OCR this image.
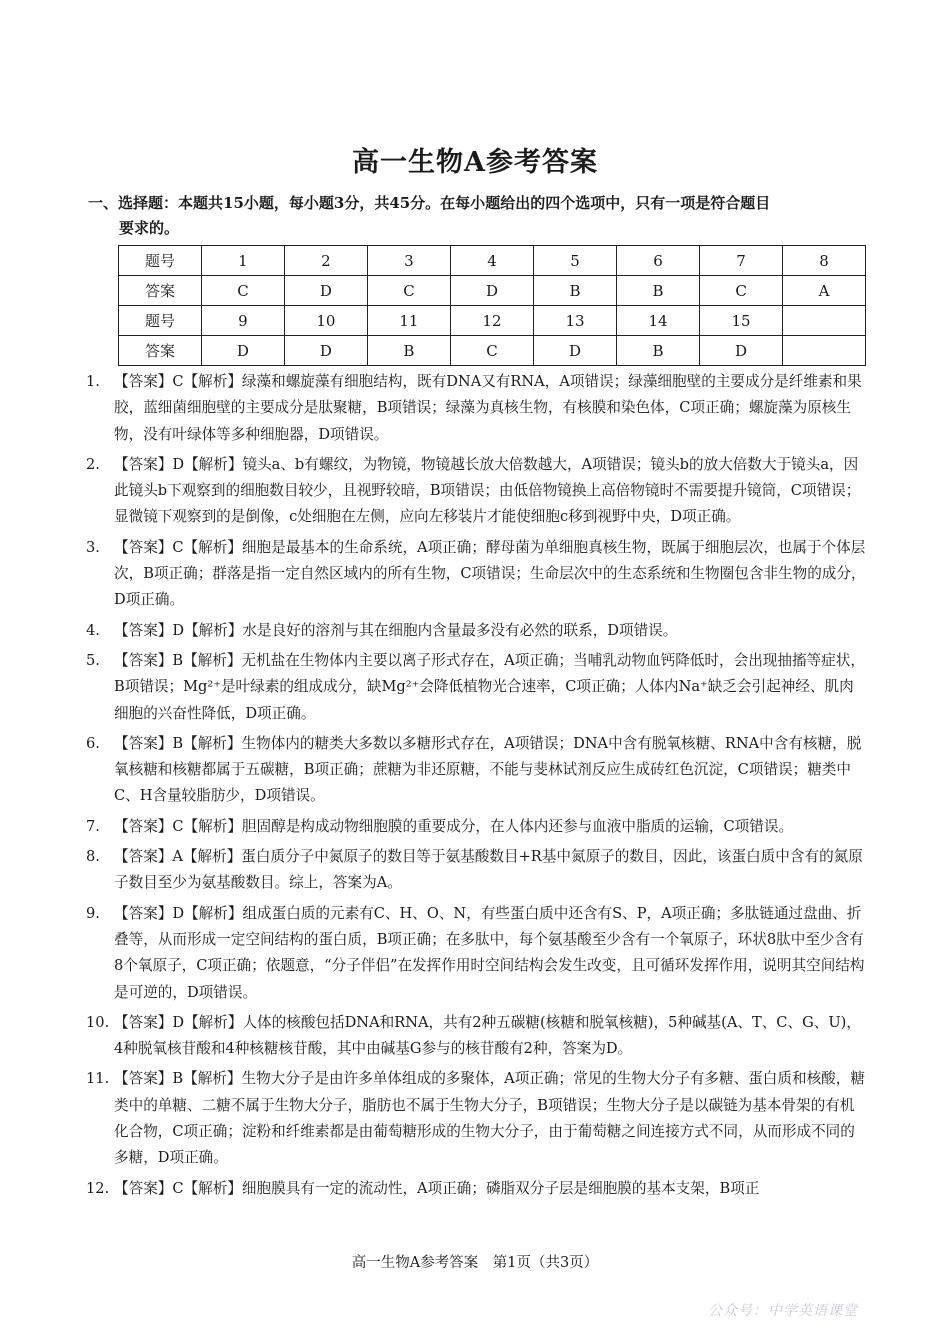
高一生物A参考答案
一、选择题：本题共15小题，每小题3分，共45分。在每小题给出的四个选项中，只有一项是符合题目
要求的。
题号	1	2	3	4	5	6	7	8
答案	C	D	C	D	B	B	C	A
题号	9	10	11	12	13	14	15	
答案	D	D	B	C	D	B	D	
1. 【答案】C【解析】绿藻和螺旋藻有细胞结构，既有DNA又有RNA，A项错误；绿藻细胞壁的主要成分是纤维素和果胶，蓝细菌细胞壁的主要成分是肽聚糖，B项错误；绿藻为真核生物，有核膜和染色体，C项正确；螺旋藻为原核生物，没有叶绿体等多种细胞器，D项错误。
2. 【答案】D【解析】镜头a、b有螺纹，为物镜，物镜越长放大倍数越大，A项错误；镜头b的放大倍数大于镜头a，因此镜头b下观察到的细胞数目较少，且视野较暗，B项错误；由低倍物镜换上高倍物镜时不需要提升镜筒，C项错误；显微镜下观察到的是倒像，c处细胞在左侧，应向左移装片才能使细胞c移到视野中央，D项正确。
3. 【答案】C【解析】细胞是最基本的生命系统，A项正确；酵母菌为单细胞真核生物，既属于细胞层次，也属于个体层次，B项正确；群落是指一定自然区域内的所有生物，C项错误；生命层次中的生态系统和生物圈包含非生物的成分，D项正确。
4. 【答案】D【解析】水是良好的溶剂与其在细胞内含量最多没有必然的联系，D项错误。
5. 【答案】B【解析】无机盐在生物体内主要以离子形式存在，A项正确；当哺乳动物血钙降低时，会出现抽搐等症状，B项错误；Mg²⁺是叶绿素的组成成分，缺Mg²⁺会降低植物光合速率，C项正确；人体内Na⁺缺乏会引起神经、肌肉细胞的兴奋性降低，D项正确。
6. 【答案】B【解析】生物体内的糖类大多数以多糖形式存在，A项错误；DNA中含有脱氧核糖、RNA中含有核糖，脱氧核糖和核糖都属于五碳糖，B项正确；蔗糖为非还原糖，不能与斐林试剂反应生成砖红色沉淀，C项错误；糖类中C、H含量较脂肪少，D项错误。
7. 【答案】C【解析】胆固醇是构成动物细胞膜的重要成分，在人体内还参与血液中脂质的运输，C项错误。
8. 【答案】A【解析】蛋白质分子中氮原子的数目等于氨基酸数目+R基中氮原子的数目，因此，该蛋白质中含有的氮原子数目至少为氨基酸数目。综上，答案为A。
9. 【答案】D【解析】组成蛋白质的元素有C、H、O、N，有些蛋白质中还含有S、P，A项正确；多肽链通过盘曲、折叠等，从而形成一定空间结构的蛋白质，B项正确；在多肽中，每个氨基酸至少含有一个氧原子，环状8肽中至少含有8个氧原子，C项正确；依题意，“分子伴侣”在发挥作用时空间结构会发生改变，且可循环发挥作用，说明其空间结构是可逆的，D项错误。
10. 【答案】D【解析】人体的核酸包括DNA和RNA，共有2种五碳糖(核糖和脱氧核糖)，5种碱基(A、T、C、G、U)，4种脱氧核苷酸和4种核糖核苷酸，其中由碱基G参与的核苷酸有2种，答案为D。
11. 【答案】B【解析】生物大分子是由许多单体组成的多聚体，A项正确；常见的生物大分子有多糖、蛋白质和核酸，糖类中的单糖、二糖不属于生物大分子，脂肪也不属于生物大分子，B项错误；生物大分子是以碳链为基本骨架的有机化合物，C项正确；淀粉和纤维素都是由葡萄糖形成的生物大分子，由于葡萄糖之间连接方式不同，从而形成不同的多糖，D项正确。
12. 【答案】C【解析】细胞膜具有一定的流动性，A项正确；磷脂双分子层是细胞膜的基本支架，B项正
高一生物A参考答案　第1页（共3页）
公众号：中学英语课堂
